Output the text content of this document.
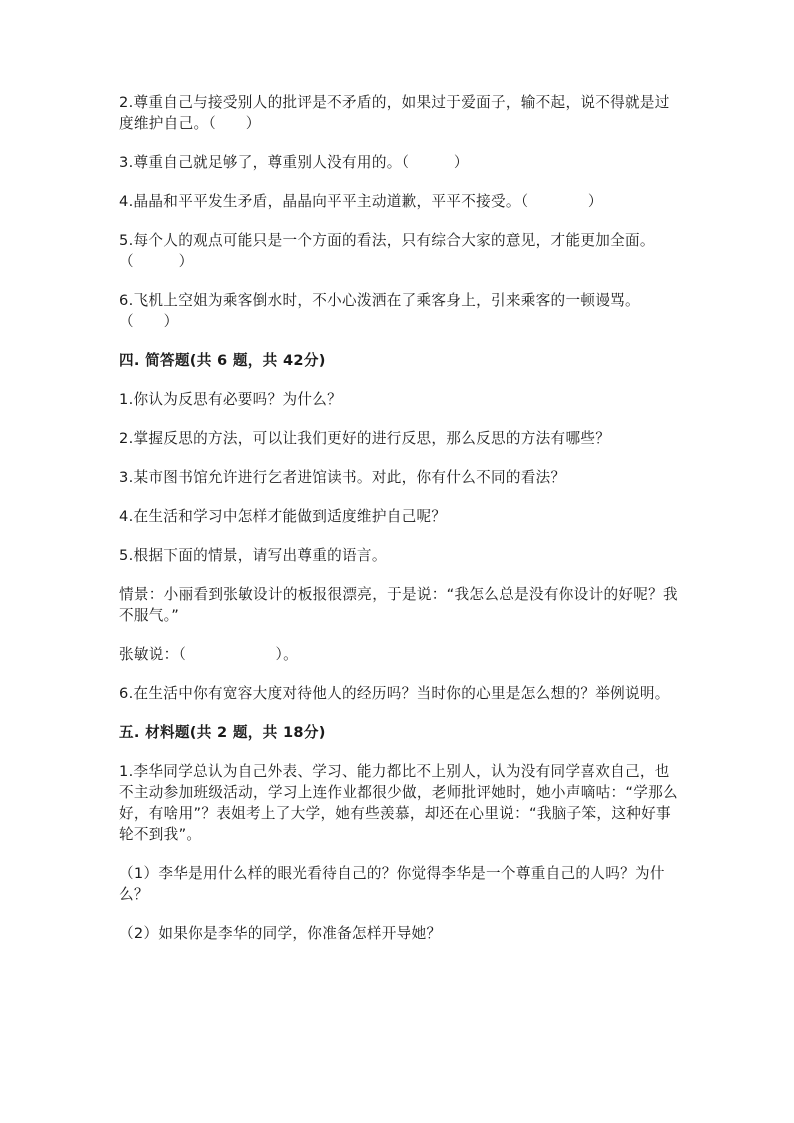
2.尊重自己与接受别人的批评是不矛盾的，如果过于爱面子，输不起，说不得就是过度维护自己。（　　）

3.尊重自己就足够了，尊重别人没有用的。（　　　）

4.晶晶和平平发生矛盾，晶晶向平平主动道歉，平平不接受。（　　　　）

5.每个人的观点可能只是一个方面的看法，只有综合大家的意见，才能更加全面。（　　　）

6.飞机上空姐为乘客倒水时，不小心泼洒在了乘客身上，引来乘客的一顿谩骂。（　　）

四. 简答题(共 6 题，共 42分)

1.你认为反思有必要吗？为什么？

2.掌握反思的方法，可以让我们更好的进行反思，那么反思的方法有哪些？

3.某市图书馆允许进行乞者进馆读书。对此，你有什么不同的看法？

4.在生活和学习中怎样才能做到适度维护自己呢？

5.根据下面的情景，请写出尊重的语言。

情景：小丽看到张敏设计的板报很漂亮，于是说：“我怎么总是没有你设计的好呢？我不服气。”

张敏说：（　　　　　　）。

6.在生活中你有宽容大度对待他人的经历吗？当时你的心里是怎么想的？举例说明。

五. 材料题(共 2 题，共 18分)

1.李华同学总认为自己外表、学习、能力都比不上别人，认为没有同学喜欢自己，也不主动参加班级活动，学习上连作业都很少做，老师批评她时，她小声嘀咕：“学那么好，有啥用”？表姐考上了大学，她有些羡慕，却还在心里说：“我脑子笨，这种好事轮不到我”。

（1）李华是用什么样的眼光看待自己的？你觉得李华是一个尊重自己的人吗？为什么？

（2）如果你是李华的同学，你准备怎样开导她？
